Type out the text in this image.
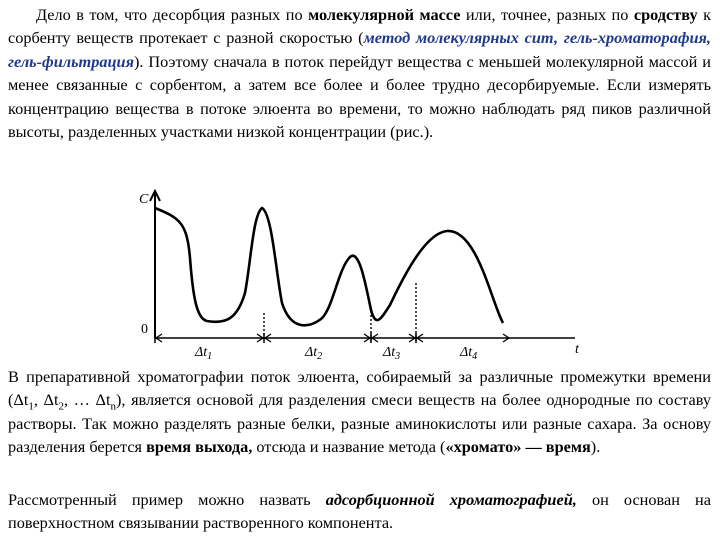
Дело в том, что десорбция разных по молекулярной массе или, точнее, разных по сродству к сорбенту веществ протекает с разной скоростью (метод молекулярных сит, гель-хроматорафия, гель-фильтрация). Поэтому сначала в поток перейдут вещества с меньшей молекулярной массой и менее связанные с сорбентом, а затем все более и более трудно десорбируемые. Если измерять концентрацию вещества в потоке элюента во времени, то можно наблюдать ряд пиков различной высоты, разделенных участками низкой концентрации (рис.).

C
0
t
$\Delta t_1$	$\Delta t_2$	$\Delta t_3$	$\Delta t_4$

В препаративной хроматографии поток элюента, собираемый за различные промежутки времени ($\Delta t_1$, $\Delta t_2$, … $\Delta t_n$), является основой для разделения смеси веществ на более однородные по составу растворы. Так можно разделять разные белки, разные аминокислоты или разные сахара. За основу разделения берется время выхода, отсюда и название метода («хромато» — время).

Рассмотренный пример можно назвать адсорбционной хроматографией, он основан на поверхностном связывании растворенного компонента.
